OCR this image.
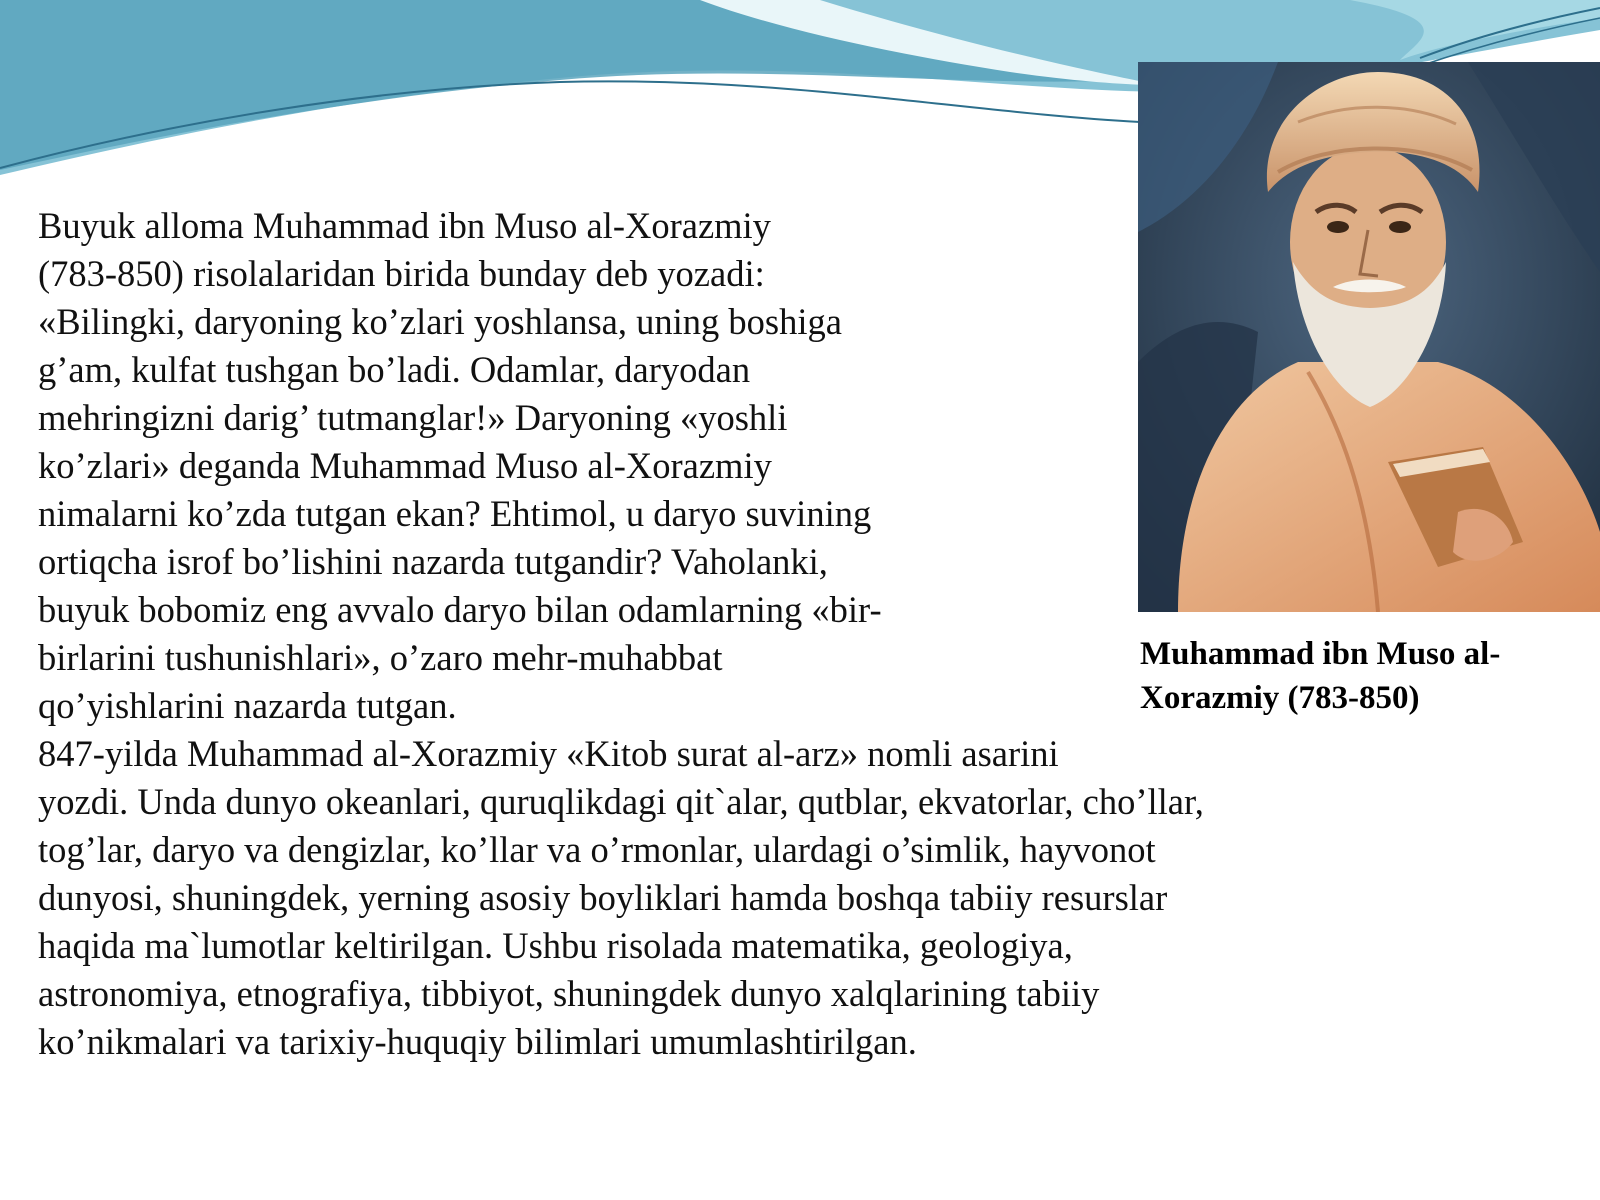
Muhammad ibn Muso al-
Xorazmiy (783-850)

Buyuk alloma Muhammad ibn Muso al-Xorazmiy
(783-850) risolalaridan birida bunday deb yozadi:
«Bilingki, daryoning ko’zlari yoshlansa, uning boshiga
g’am, kulfat tushgan bo’ladi. Odamlar, daryodan
mehringizni darig’ tutmanglar!» Daryoning «yoshli
ko’zlari» deganda Muhammad Muso al-Xorazmiy
nimalarni ko’zda tutgan ekan? Ehtimol, u daryo suvining
ortiqcha isrof bo’lishini nazarda tutgandir? Vaholanki,
buyuk bobomiz eng avvalo daryo bilan odamlarning «bir-
birlarini tushunishlari», o’zaro mehr-muhabbat
qo’yishlarini nazarda tutgan.
847-yilda Muhammad al-Xorazmiy «Kitob surat al-arz» nomli asarini
yozdi. Unda dunyo okeanlari, quruqlikdagi qit`alar, qutblar, ekvatorlar, cho’llar,
tog’lar, daryo va dengizlar, ko’llar va o’rmonlar, ulardagi o’simlik, hayvonot
dunyosi, shuningdek, yerning asosiy boyliklari hamda boshqa tabiiy resurslar
haqida ma`lumotlar keltirilgan. Ushbu risolada matematika, geologiya,
astronomiya, etnografiya, tibbiyot, shuningdek dunyo xalqlarining tabiiy
ko’nikmalari va tarixiy-huquqiy bilimlari umumlashtirilgan.
